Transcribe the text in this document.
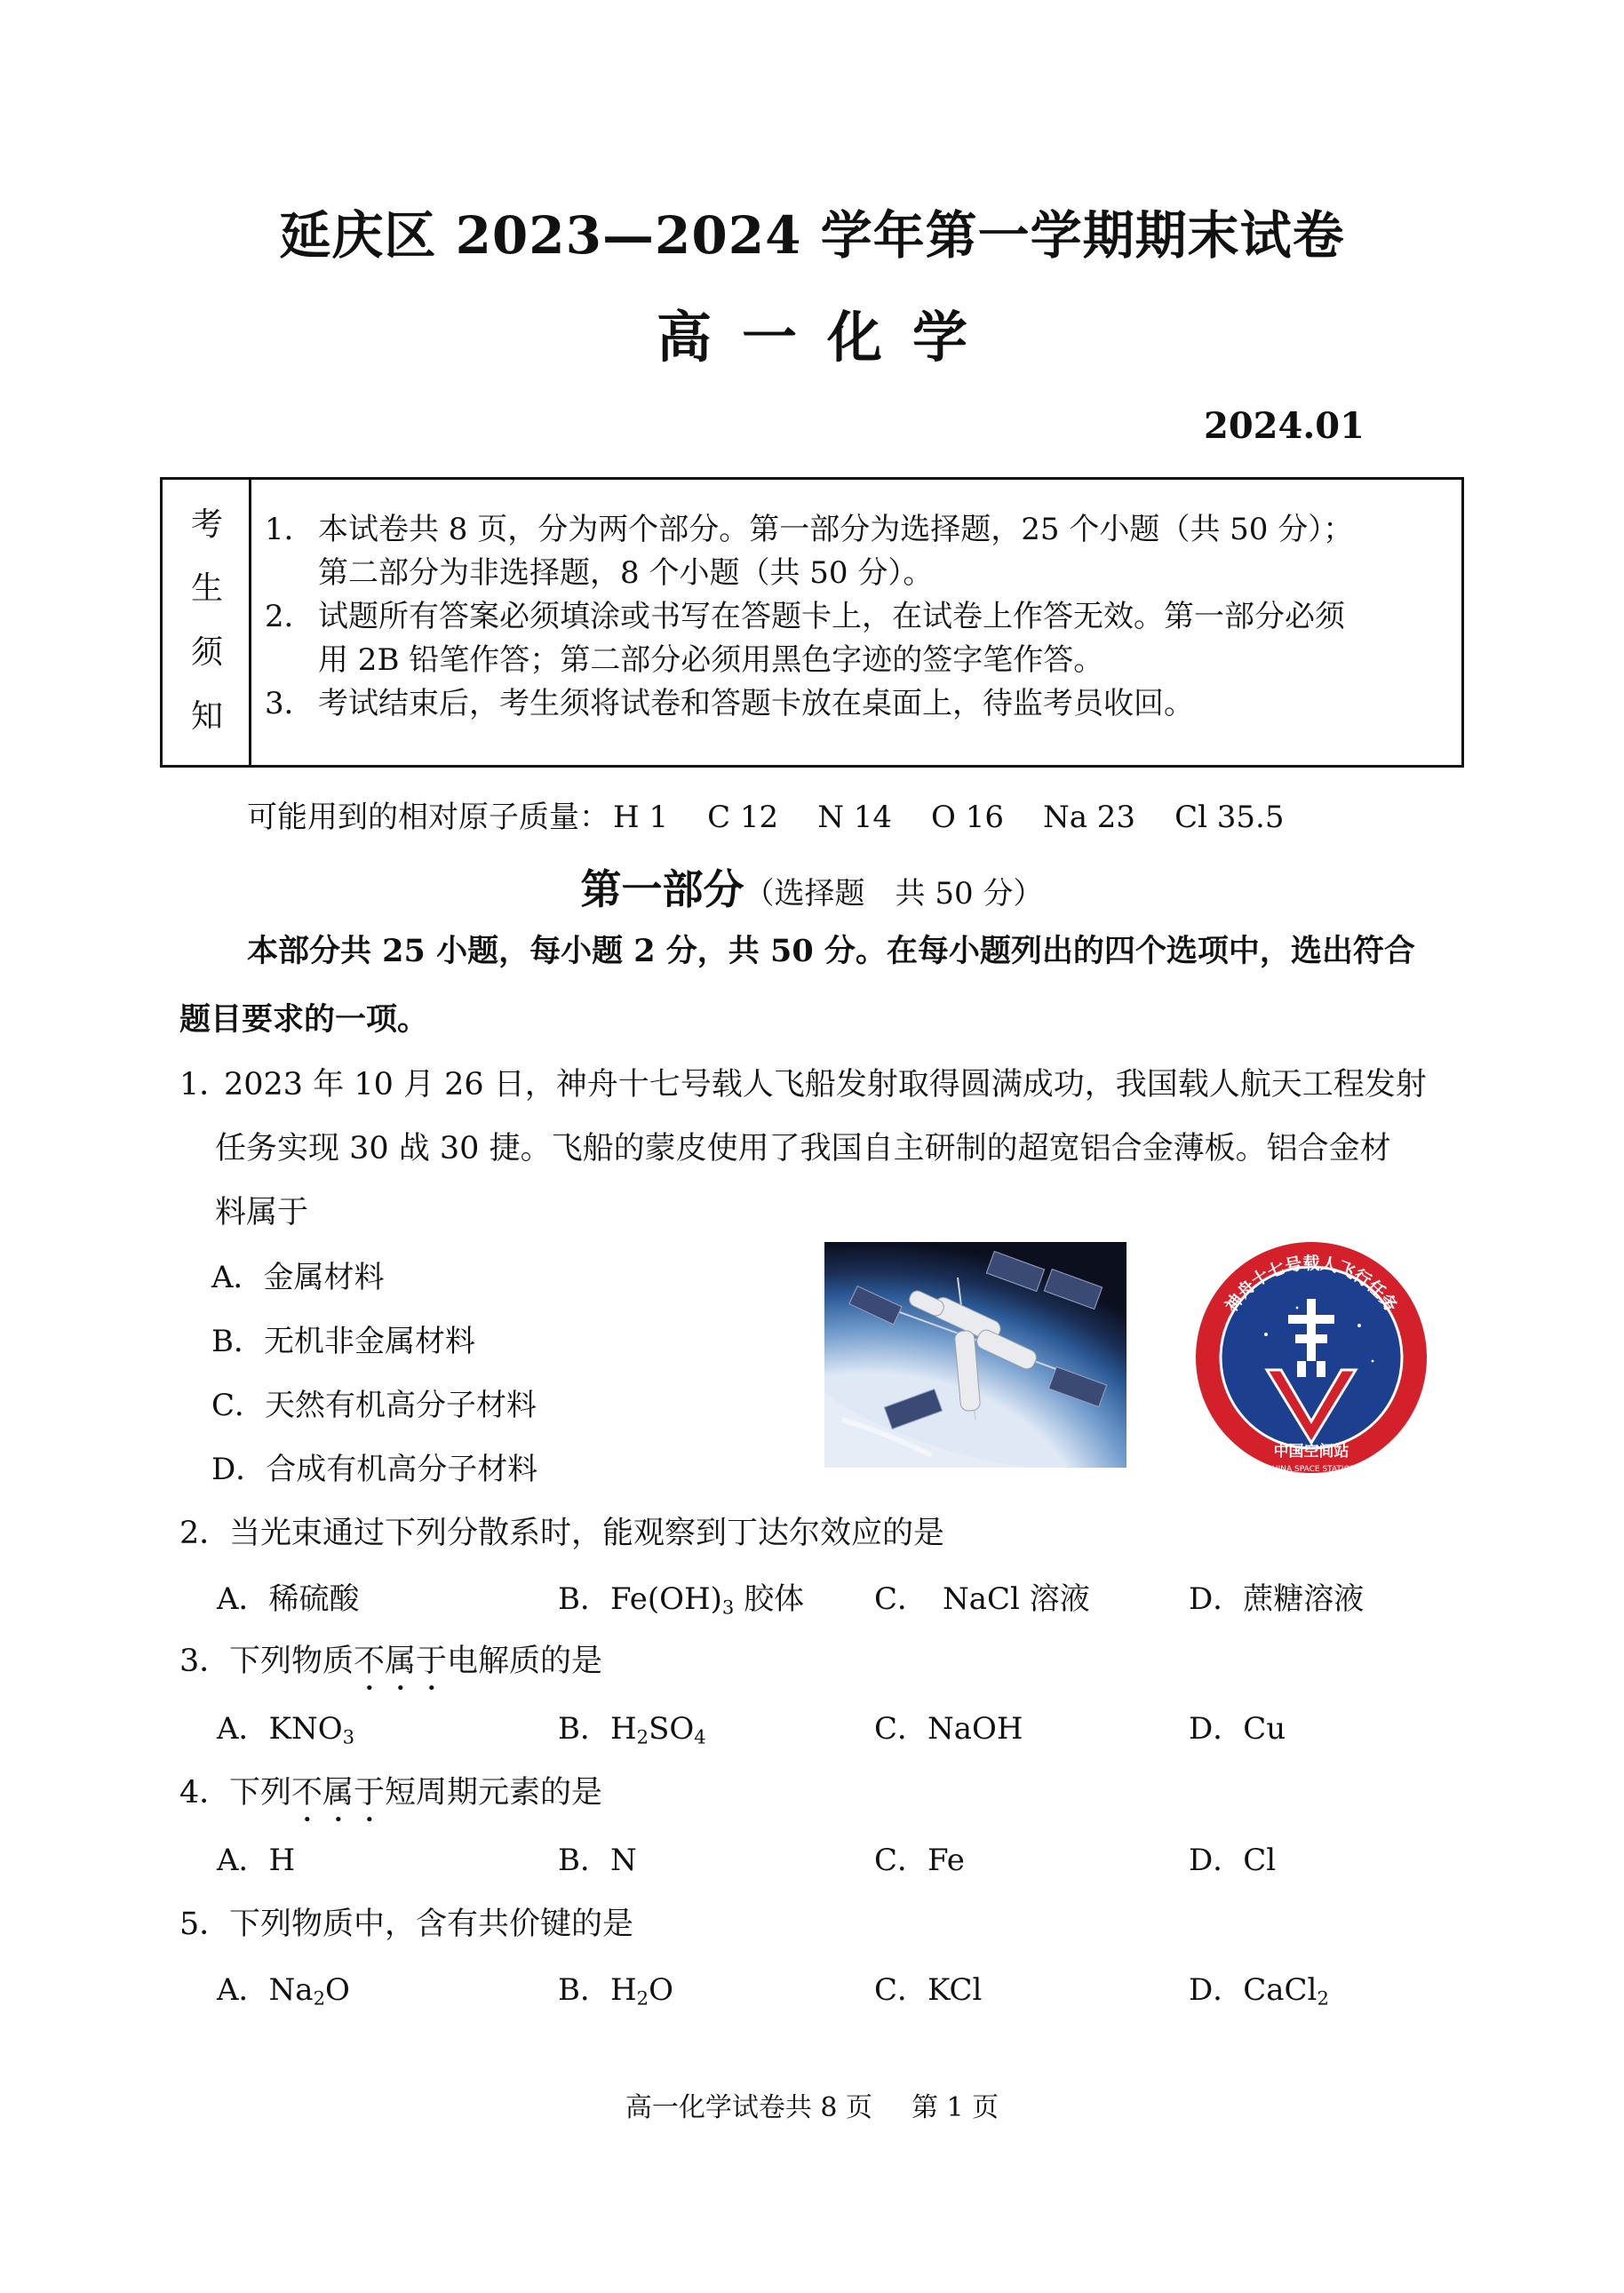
延庆区 2023—2024 学年第一学期期末试卷
高一化学
2024.01
考
生
须
知
1． 本试卷共 8 页，分为两个部分。第一部分为选择题，25 个小题（共 50 分）；
第二部分为非选择题，8 个小题（共 50 分）。
2． 试题所有答案必须填涂或书写在答题卡上，在试卷上作答无效。第一部分必须
用 2B 铅笔作答；第二部分必须用黑色字迹的签字笔作答。
3． 考试结束后，考生须将试卷和答题卡放在桌面上，待监考员收回。
可能用到的相对原子质量： H 1 C 12 N 14 O 16 Na 23 Cl 35.5
第一部分（选择题　共 50 分）
本部分共 25 小题，每小题 2 分，共 50 分。在每小题列出的四个选项中，选出符合
题目要求的一项。
1．
2023 年 10 月 26 日，神舟十七号载人飞船发射取得圆满成功，我国载人航天工程发射
任务实现 30 战 30 捷。飞船的蒙皮使用了我国自主研制的超宽铝合金薄板。铝合金材
料属于
A．金属材料
B．无机非金属材料
C．天然有机高分子材料
D．合成有机高分子材料
神舟十七号载人飞行任务
中国空间站
CHINA SPACE STATION
2．
当光束通过下列分散系时，能观察到丁达尔效应的是
A．稀硫酸	B．$Fe(OH)_3$ 胶体 C．　NaCl 溶液	D．蔗糖溶液
3．
下列物质不属于电解质的是
A．$KNO_3$	B．$H_2SO_4$	C．NaOH	D．Cu
4．
下列不属于短周期元素的是
A．H	B．N	C．Fe	D．Cl
5．
下列物质中，含有共价键的是
A．$Na_2O$	B．$H_2O$	C．KCl	D．CaCl$_2$
高一化学试卷共 8 页 第 1 页
